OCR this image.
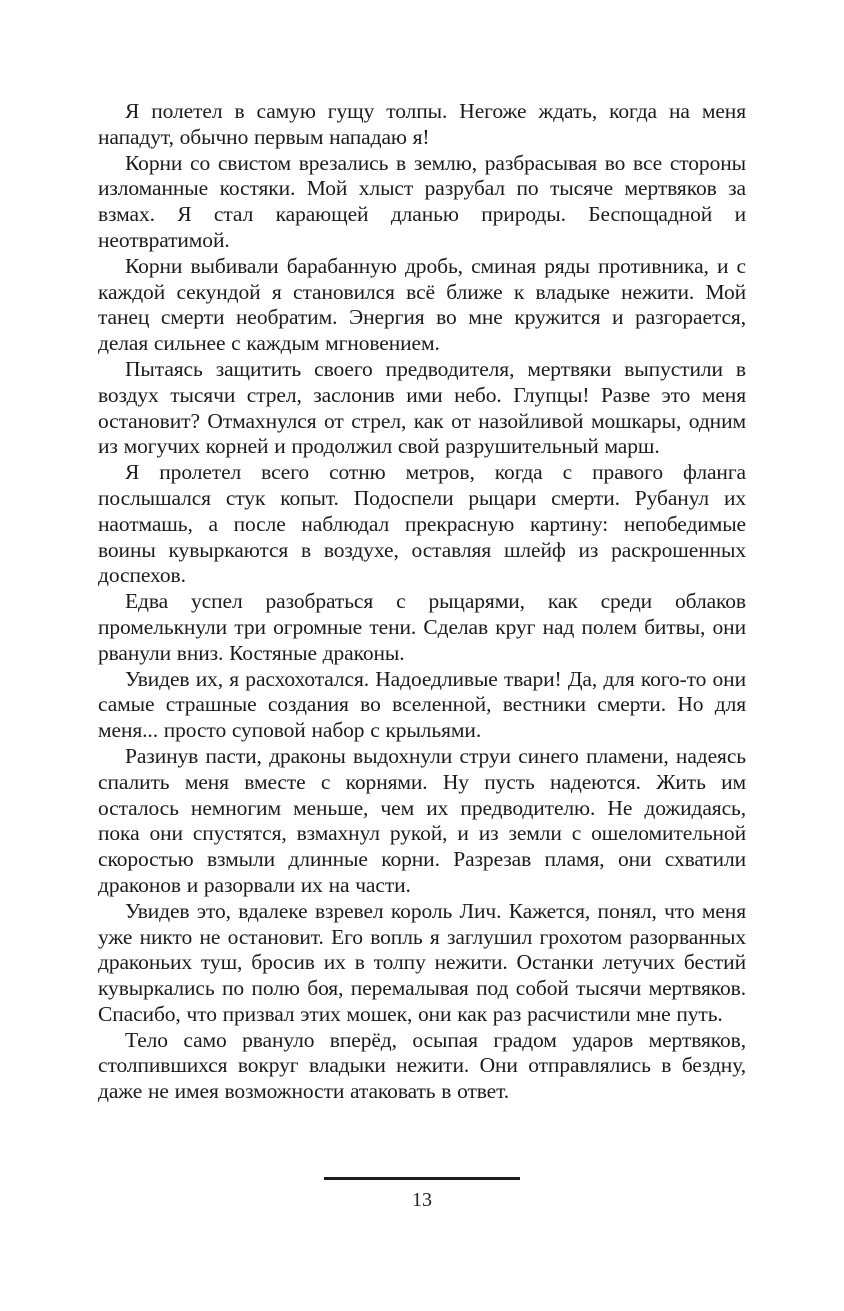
Я полетел в самую гущу толпы. Негоже ждать, когда на меня нападут, обычно первым нападаю я!

Корни со свистом врезались в землю, разбрасывая во все стороны изломанные костяки. Мой хлыст разрубал по тысяче мертвяков за взмах. Я стал карающей дланью природы. Беспощадной и неотвратимой.

Корни выбивали барабанную дробь, сминая ряды противника, и с каждой секундой я становился всё ближе к владыке нежити. Мой танец смерти необратим. Энергия во мне кружится и разгорается, делая сильнее с каждым мгновением.

Пытаясь защитить своего предводителя, мертвяки выпустили в воздух тысячи стрел, заслонив ими небо. Глупцы! Разве это меня остановит? Отмахнулся от стрел, как от назойливой мошкары, одним из могучих корней и продолжил свой разрушительный марш.

Я пролетел всего сотню метров, когда с правого фланга послышался стук копыт. Подоспели рыцари смерти. Рубанул их наотмашь, а после наблюдал прекрасную картину: непобедимые воины кувыркаются в воздухе, оставляя шлейф из раскрошенных доспехов.

Едва успел разобраться с рыцарями, как среди облаков промелькнули три огромные тени. Сделав круг над полем битвы, они рванули вниз. Костяные драконы.

Увидев их, я расхохотался. Надоедливые твари! Да, для кого-то они самые страшные создания во вселенной, вестники смерти. Но для меня... просто суповой набор с крыльями.

Разинув пасти, драконы выдохнули струи синего пламени, надеясь спалить меня вместе с корнями. Ну пусть надеются. Жить им осталось немногим меньше, чем их предводителю. Не дожидаясь, пока они спустятся, взмахнул рукой, и из земли с ошеломительной скоростью взмыли длинные корни. Разрезав пламя, они схватили драконов и разорвали их на части.

Увидев это, вдалеке взревел король Лич. Кажется, понял, что меня уже никто не остановит. Его вопль я заглушил грохотом разорванных драконьих туш, бросив их в толпу нежити. Останки летучих бестий кувыркались по полю боя, перемалывая под собой тысячи мертвяков. Спасибо, что призвал этих мошек, они как раз расчистили мне путь.

Тело само рвануло вперёд, осыпая градом ударов мертвяков, столпившихся вокруг владыки нежити. Они отправлялись в бездну, даже не имея возможности атаковать в ответ.

13
